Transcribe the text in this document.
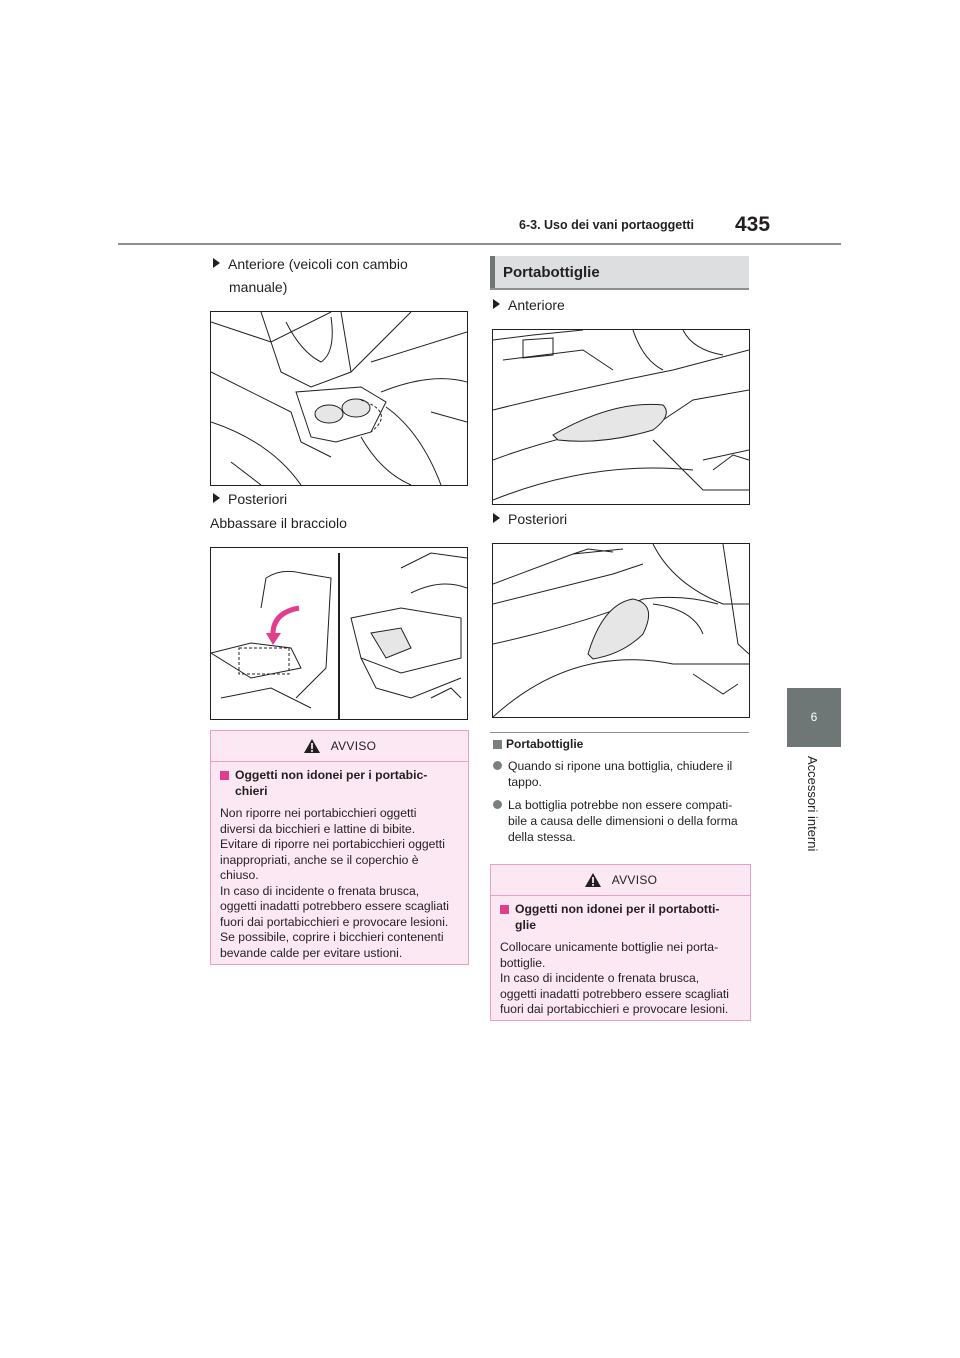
6-3. Uso dei vani portaoggetti 435
6
Accessori interni
Anteriore (veicoli con cambio
manuale)
Posteriori
Abbassare il bracciolo
AVVISO
Oggetti non idonei per i portabic-
chieri
Non riporre nei portabicchieri oggetti
diversi da bicchieri e lattine di bibite.
Evitare di riporre nei portabicchieri oggetti
inappropriati, anche se il coperchio è
chiuso.
In caso di incidente o frenata brusca,
oggetti inadatti potrebbero essere scagliati
fuori dai portabicchieri e provocare lesioni.
Se possibile, coprire i bicchieri contenenti
bevande calde per evitare ustioni.
Portabottiglie
Anteriore
Posteriori
Portabottiglie
Quando si ripone una bottiglia, chiudere il
tappo.
La bottiglia potrebbe non essere compati-
bile a causa delle dimensioni o della forma
della stessa.
AVVISO
Oggetti non idonei per il portabotti-
glie
Collocare unicamente bottiglie nei porta-
bottiglie.
In caso di incidente o frenata brusca,
oggetti inadatti potrebbero essere scagliati
fuori dai portabicchieri e provocare lesioni.
